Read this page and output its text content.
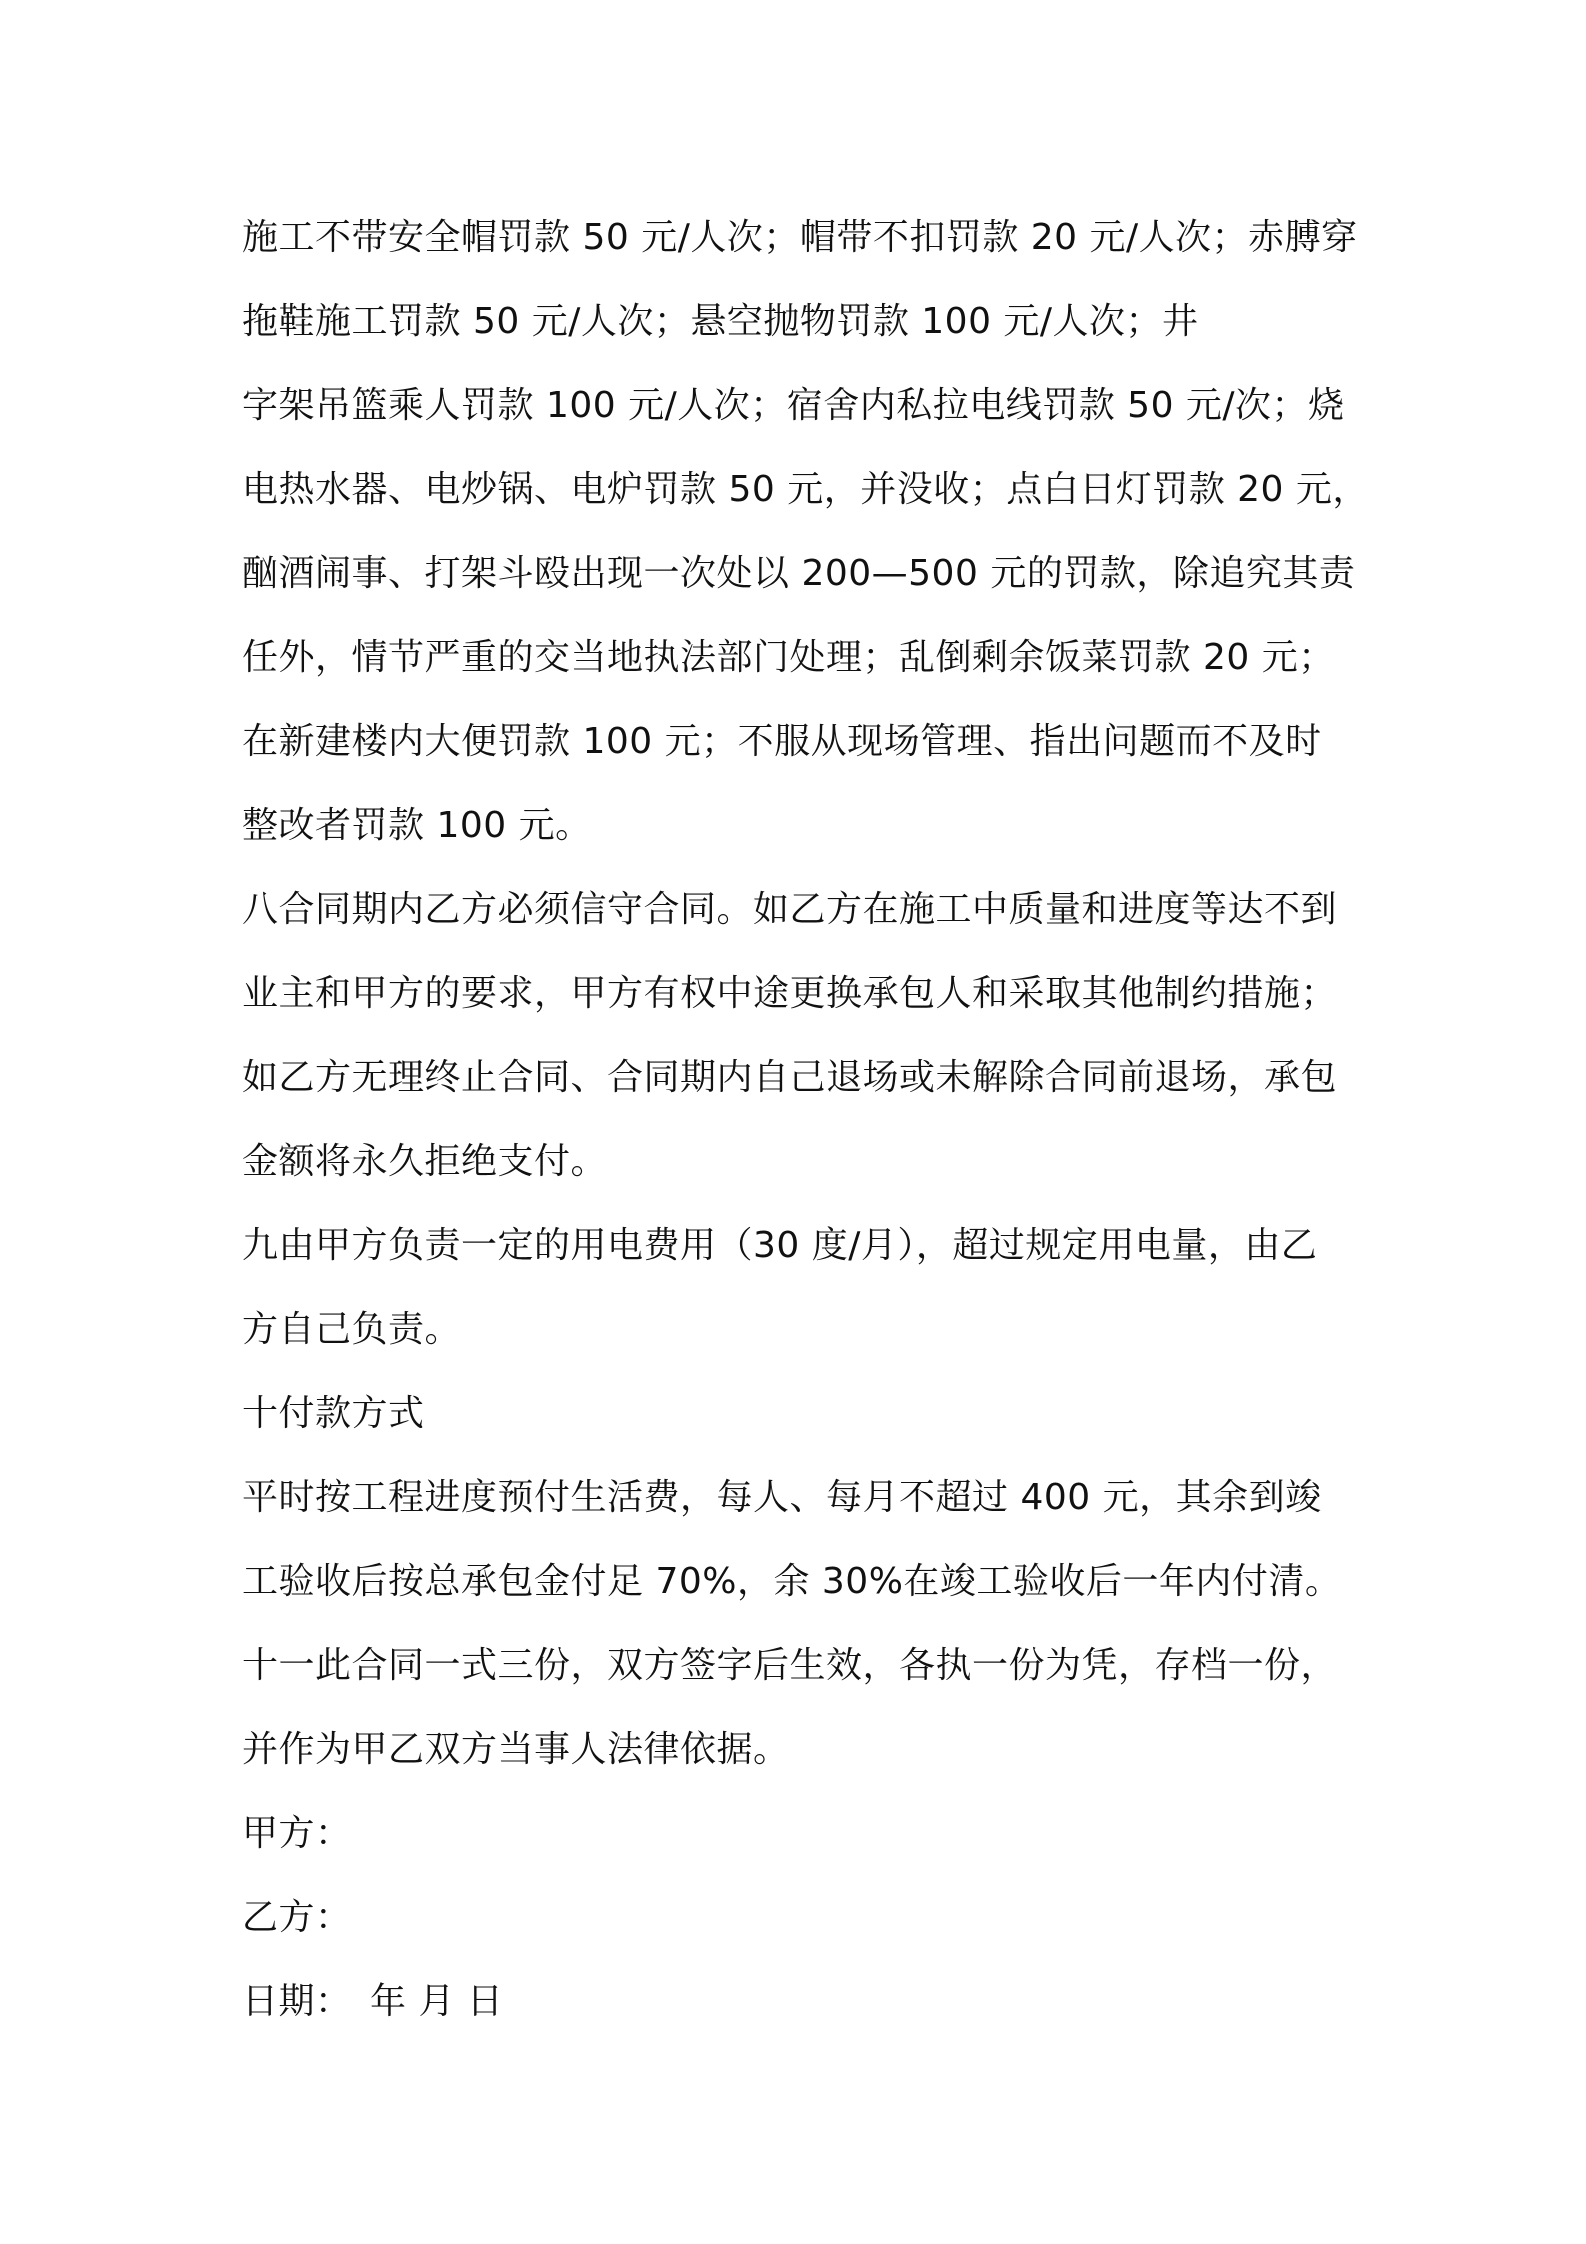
施工不带安全帽罚款 50 元/人次；帽带不扣罚款 20 元/人次；赤膊穿
拖鞋施工罚款 50 元/人次；悬空抛物罚款 100 元/人次；井
字架吊篮乘人罚款 100 元/人次；宿舍内私拉电线罚款 50 元/次；烧
电热水器、电炒锅、电炉罚款 50 元，并没收；点白日灯罚款 20 元，
酗酒闹事、打架斗殴出现一次处以 200—500 元的罚款，除追究其责
任外，情节严重的交当地执法部门处理；乱倒剩余饭菜罚款 20 元；
在新建楼内大便罚款 100 元；不服从现场管理、指出问题而不及时
整改者罚款 100 元。
八合同期内乙方必须信守合同。如乙方在施工中质量和进度等达不到
业主和甲方的要求，甲方有权中途更换承包人和采取其他制约措施；
如乙方无理终止合同、合同期内自己退场或未解除合同前退场，承包
金额将永久拒绝支付。
九由甲方负责一定的用电费用（30 度/月），超过规定用电量，由乙
方自己负责。
十付款方式
平时按工程进度预付生活费，每人、每月不超过 400 元，其余到竣
工验收后按总承包金付足 70%，余 30%在竣工验收后一年内付清。
十一此合同一式三份，双方签字后生效，各执一份为凭，存档一份，
并作为甲乙双方当事人法律依据。
甲方：
乙方：
日期：　年 月 日
